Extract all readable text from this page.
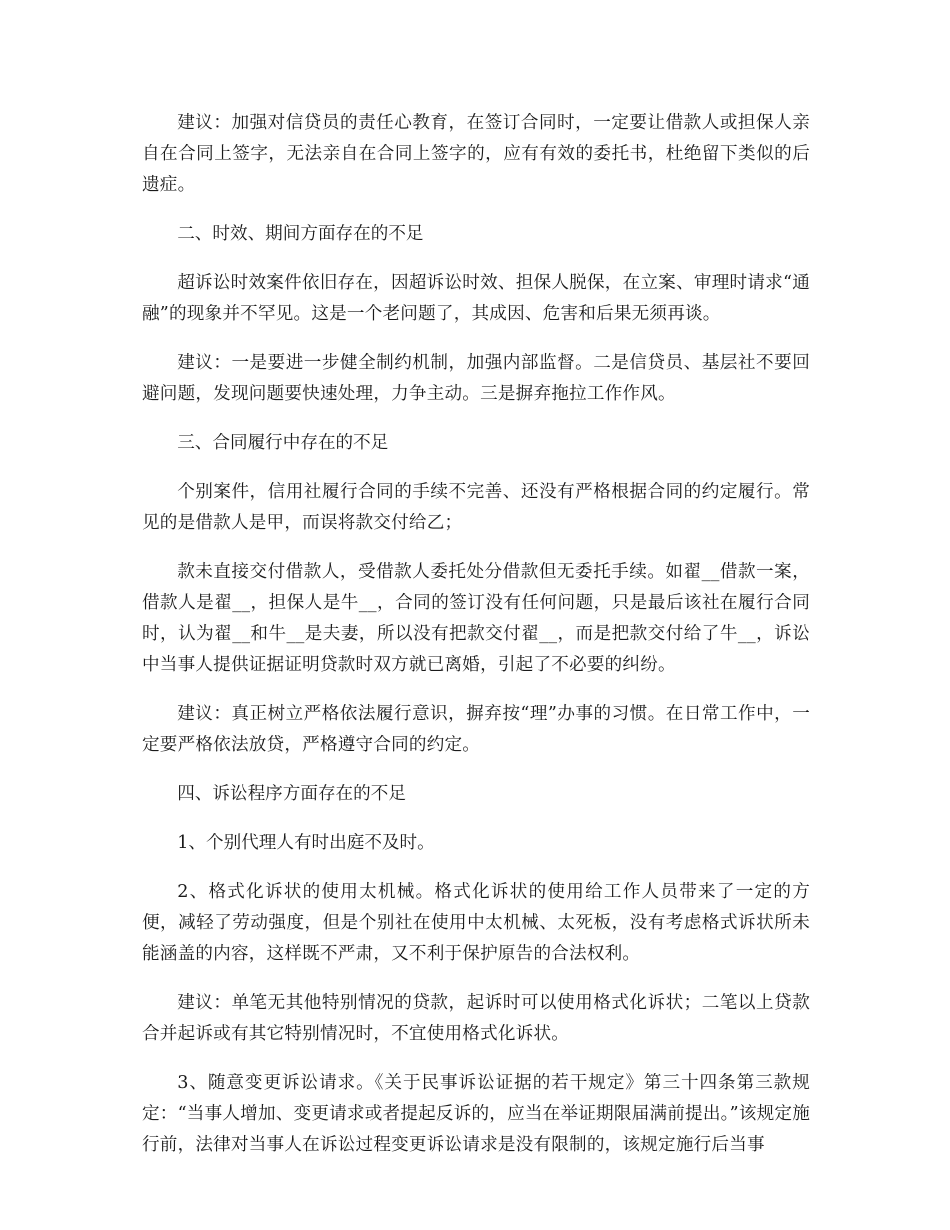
建议：加强对信贷员的责任心教育，在签订合同时，一定要让借款人或担保人亲自在合同上签字，无法亲自在合同上签字的，应有有效的委托书，杜绝留下类似的后遗症。

二、时效、期间方面存在的不足

超诉讼时效案件依旧存在，因超诉讼时效、担保人脱保，在立案、审理时请求“通融”的现象并不罕见。这是一个老问题了，其成因、危害和后果无须再谈。

建议：一是要进一步健全制约机制，加强内部监督。二是信贷员、基层社不要回避问题，发现问题要快速处理，力争主动。三是摒弃拖拉工作作风。

三、合同履行中存在的不足

个别案件，信用社履行合同的手续不完善、还没有严格根据合同的约定履行。常见的是借款人是甲，而误将款交付给乙；

款未直接交付借款人，受借款人委托处分借款但无委托手续。如翟__借款一案，借款人是翟__，担保人是牛__，合同的签订没有任何问题，只是最后该社在履行合同时，认为翟__和牛__是夫妻，所以没有把款交付翟__，而是把款交付给了牛__，诉讼中当事人提供证据证明贷款时双方就已离婚，引起了不必要的纠纷。

建议：真正树立严格依法履行意识，摒弃按“理”办事的习惯。在日常工作中，一定要严格依法放贷，严格遵守合同的约定。

四、诉讼程序方面存在的不足

1、个别代理人有时出庭不及时。

2、格式化诉状的使用太机械。格式化诉状的使用给工作人员带来了一定的方便，减轻了劳动强度，但是个别社在使用中太机械、太死板，没有考虑格式诉状所未能涵盖的内容，这样既不严肃，又不利于保护原告的合法权利。

建议：单笔无其他特别情况的贷款，起诉时可以使用格式化诉状；二笔以上贷款合并起诉或有其它特别情况时，不宜使用格式化诉状。

3、随意变更诉讼请求。《关于民事诉讼证据的若干规定》第三十四条第三款规定：“当事人增加、变更请求或者提起反诉的，应当在举证期限届满前提出。”该规定施行前，法律对当事人在诉讼过程变更诉讼请求是没有限制的，该规定施行后当事
